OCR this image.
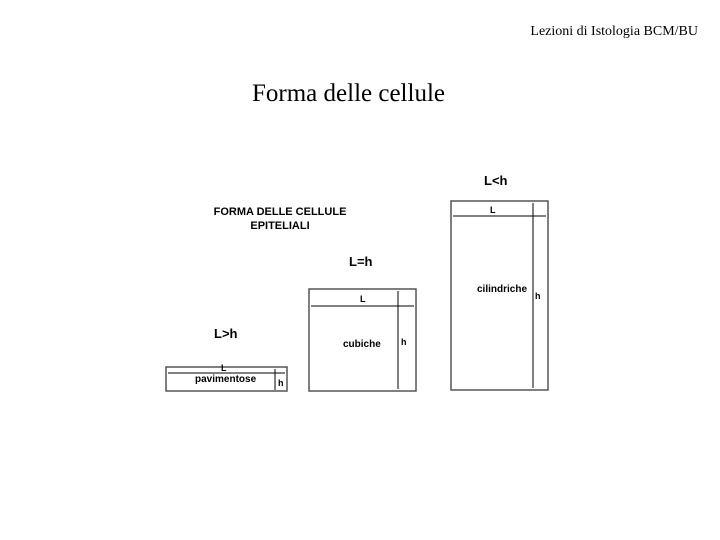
Lezioni di Istologia BCM/BU
Forma delle cellule
FORMA DELLE CELLULE
EPITELIALI
L>h
L
pavimentose h
L=h
L
cubiche h
L<h
L
cilindriche
h
